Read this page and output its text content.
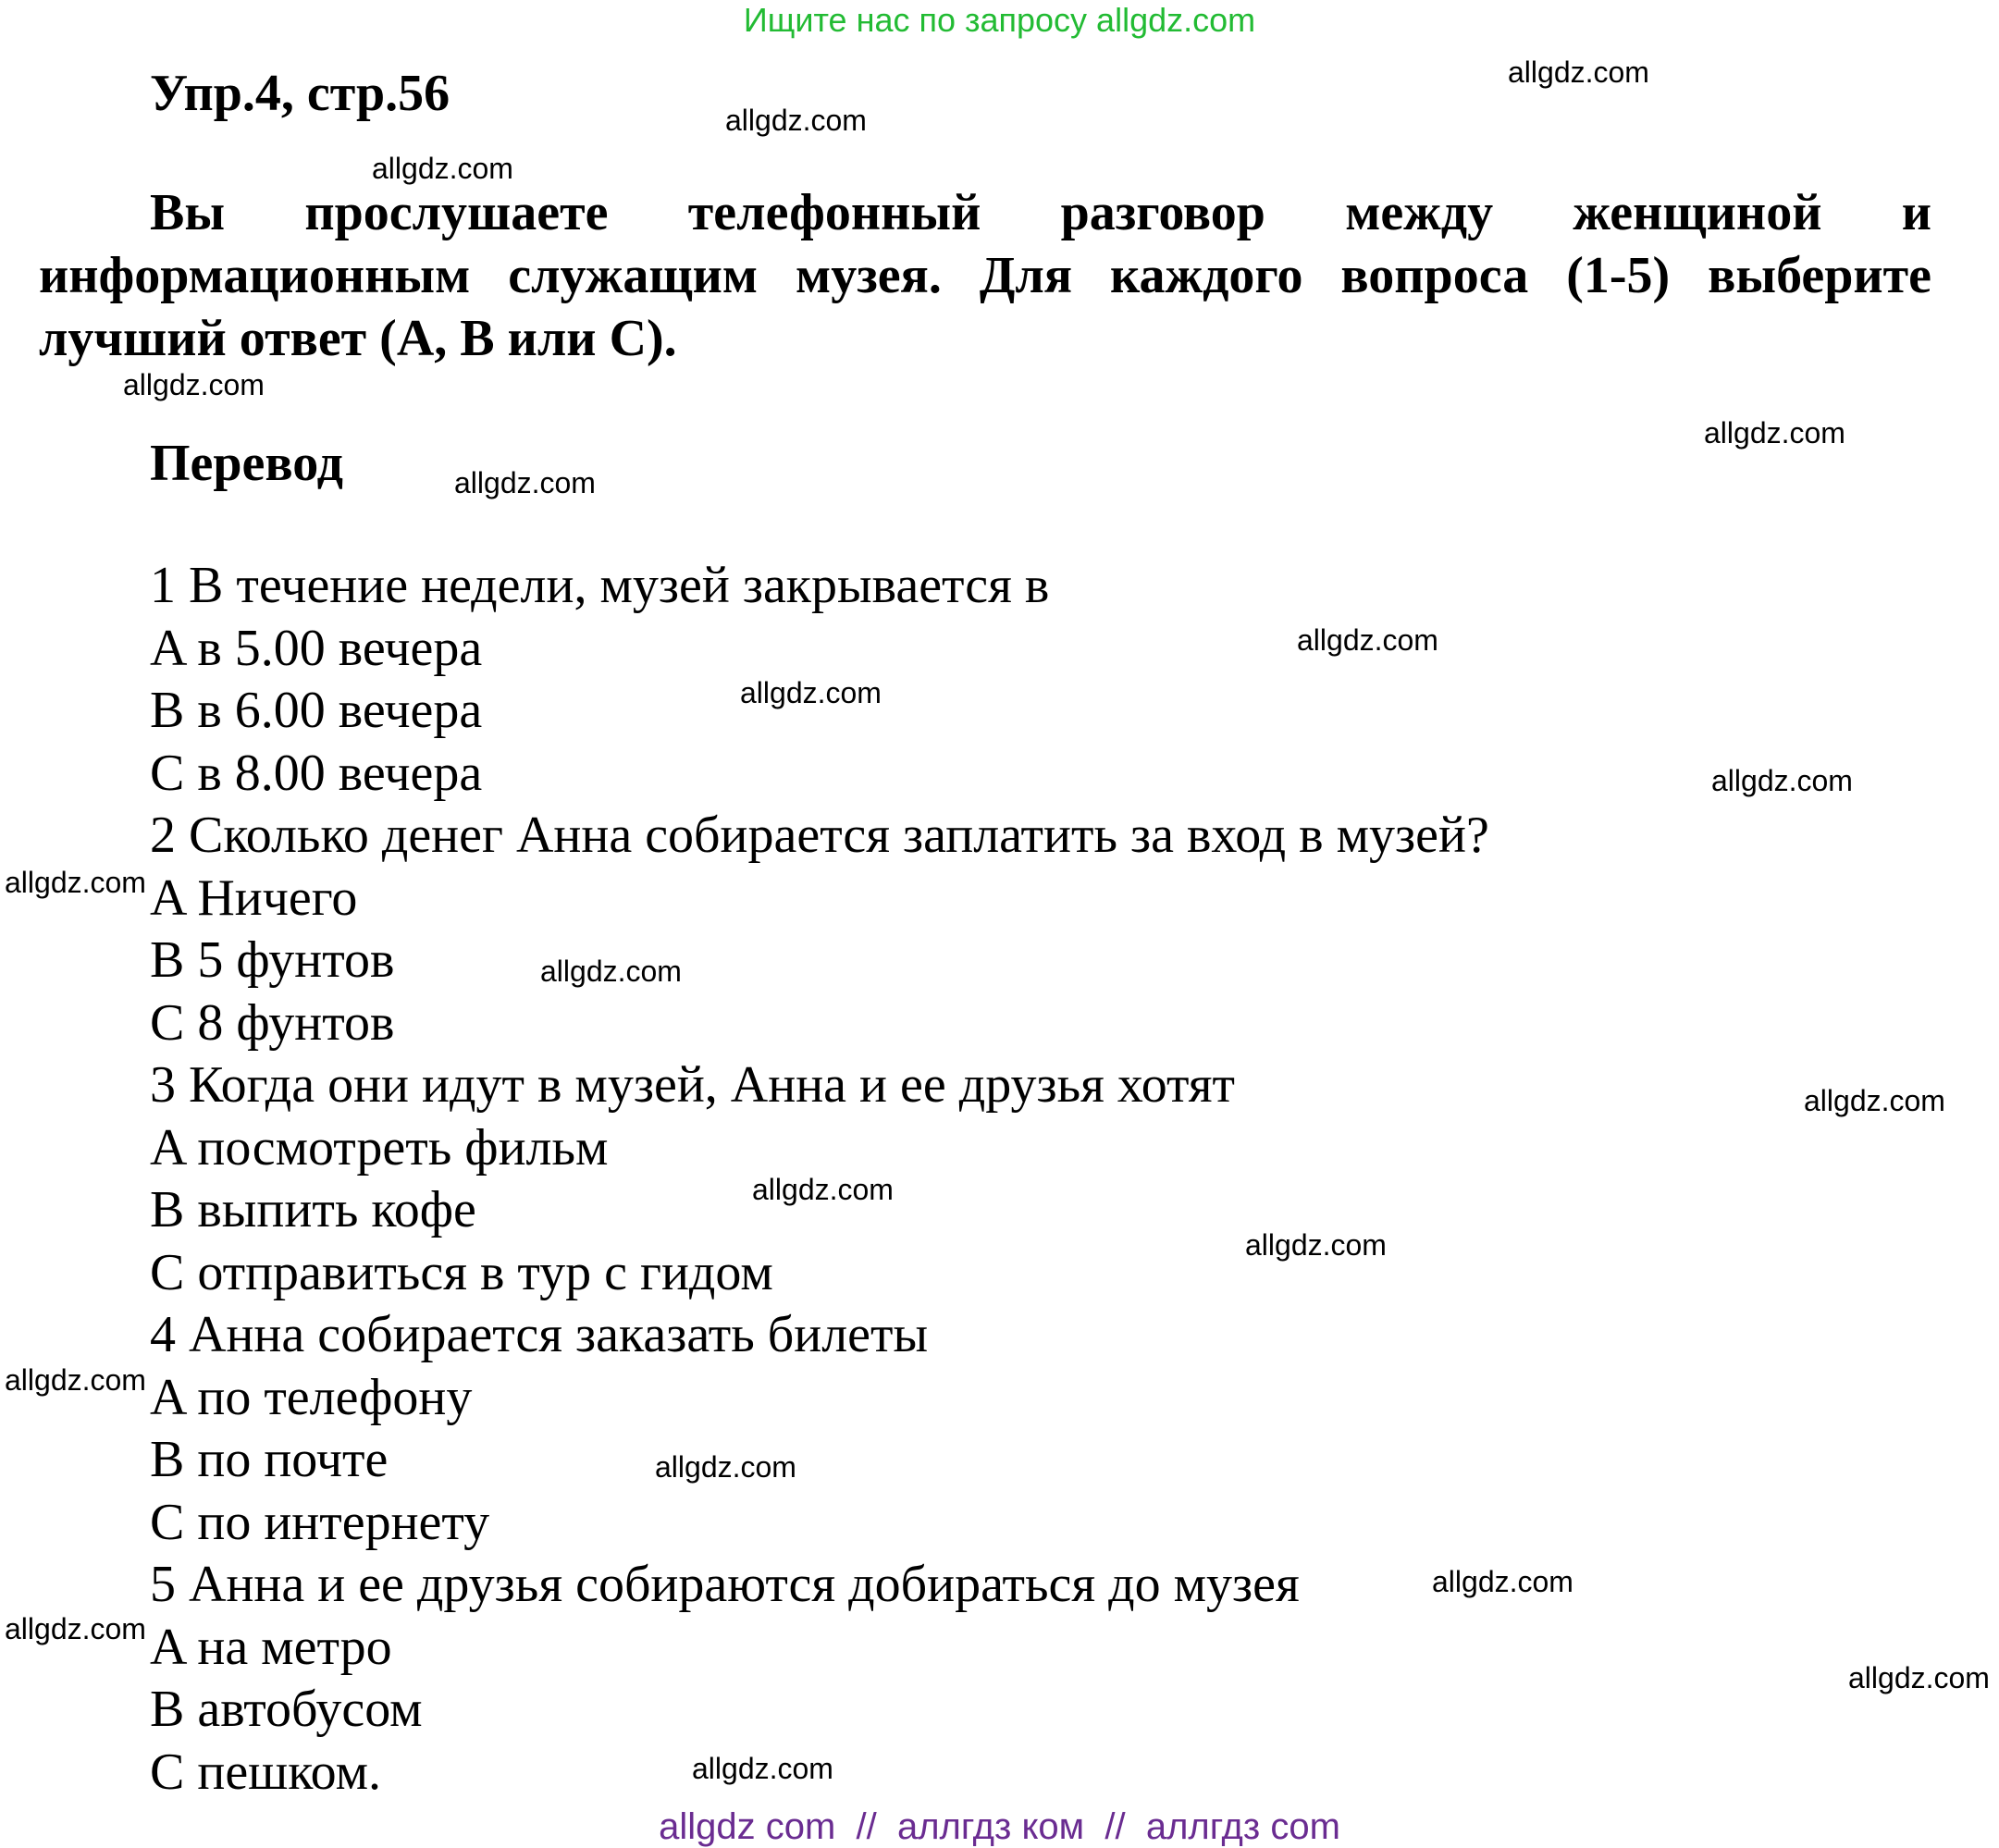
Ищите нас по запросу allgdz.com
Упр.4, стр.56
Вы прослушаете телефонный разговор между женщиной и информационным служащим музея. Для каждого вопроса (1-5) выберите лучший ответ (A, B или C).
Перевод
1 В течение недели, музей закрывается в
A в 5.00 вечера
B в 6.00 вечера
C в 8.00 вечера
2 Сколько денег Анна собирается заплатить за вход в музей?
A Ничего
B 5 фунтов
C 8 фунтов
3 Когда они идут в музей, Анна и ее друзья хотят
A посмотреть фильм
B выпить кофе
C отправиться в тур с гидом
4 Анна собирается заказать билеты
A по телефону
B по почте
C по интернету
5 Анна и ее друзья собираются добираться до музея
A на метро
B автобусом
C пешком.
allgdz.com
allgdz.com
allgdz.com
allgdz.com
allgdz.com
allgdz.com
allgdz.com
allgdz.com
allgdz.com
allgdz.com
allgdz.com
allgdz.com
allgdz.com
allgdz.com
allgdz.com
allgdz.com
allgdz.com
allgdz.com
allgdz.com
allgdz.com
allgdz com  //  аллгдз ком  //  аллгдз com
